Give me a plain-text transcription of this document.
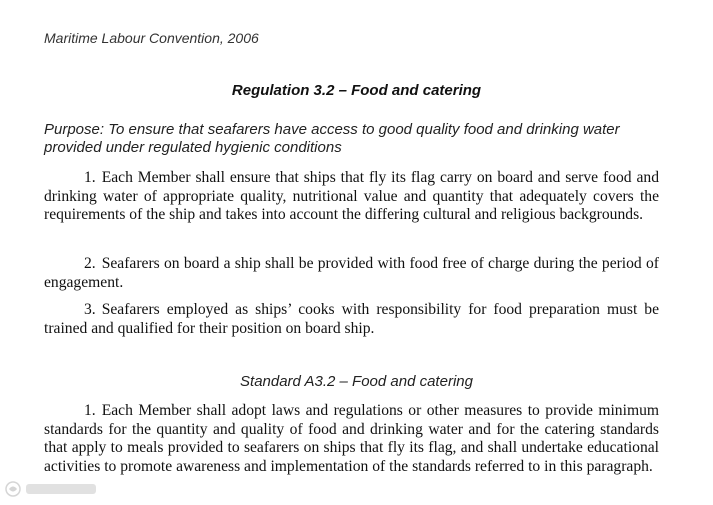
Maritime Labour Convention, 2006
Regulation 3.2 – Food and catering
Purpose: To ensure that seafarers have access to good quality food and drinking water provided under regulated hygienic conditions
1. Each Member shall ensure that ships that fly its flag carry on board and serve food and drinking water of appropriate quality, nutritional value and quantity that adequately covers the requirements of the ship and takes into account the differing cultural and religious backgrounds.
2. Seafarers on board a ship shall be provided with food free of charge during the period of engagement.
3. Seafarers employed as ships’ cooks with responsibility for food preparation must be trained and qualified for their position on board ship.
Standard A3.2 – Food and catering
1. Each Member shall adopt laws and regulations or other measures to provide minimum standards for the quantity and quality of food and drinking water and for the catering standards that apply to meals provided to seafarers on ships that fly its flag, and shall undertake educational activities to promote awareness and implementation of the standards referred to in this paragraph.
